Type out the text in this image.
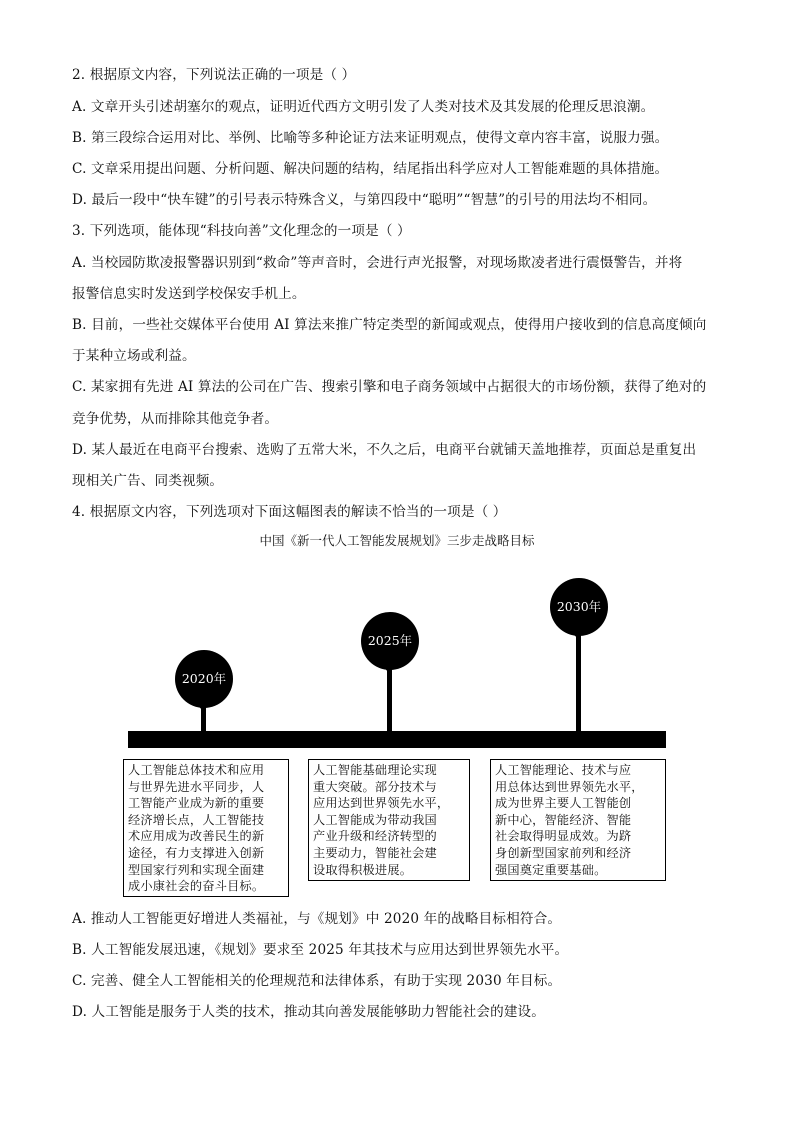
2. 根据原文内容，下列说法正确的一项是（ ）
A. 文章开头引述胡塞尔的观点，证明近代西方文明引发了人类对技术及其发展的伦理反思浪潮。
B. 第三段综合运用对比、举例、比喻等多种论证方法来证明观点，使得文章内容丰富，说服力强。
C. 文章采用提出问题、分析问题、解决问题的结构，结尾指出科学应对人工智能难题的具体措施。
D. 最后一段中“快车键”的引号表示特殊含义，与第四段中“聪明”“智慧”的引号的用法均不相同。
3. 下列选项，能体现“科技向善”文化理念的一项是（ ）
A. 当校园防欺凌报警器识别到“救命”等声音时，会进行声光报警，对现场欺凌者进行震慑警告，并将
报警信息实时发送到学校保安手机上。
B. 目前，一些社交媒体平台使用 AI 算法来推广特定类型的新闻或观点，使得用户接收到的信息高度倾向
于某种立场或利益。
C. 某家拥有先进 AI 算法的公司在广告、搜索引擎和电子商务领域中占据很大的市场份额，获得了绝对的
竞争优势，从而排除其他竞争者。
D. 某人最近在电商平台搜索、选购了五常大米，不久之后，电商平台就铺天盖地推荐，页面总是重复出
现相关广告、同类视频。
4. 根据原文内容，下列选项对下面这幅图表的解读不恰当的一项是（ ）
中国《新一代人工智能发展规划》三步走战略目标
2020年
2025年
2030年
人工智能总体技术和应用
与世界先进水平同步，人
工智能产业成为新的重要
经济增长点，人工智能技
术应用成为改善民生的新
途径，有力支撑进入创新
型国家行列和实现全面建
成小康社会的奋斗目标。
人工智能基础理论实现
重大突破。部分技术与
应用达到世界领先水平，
人工智能成为带动我国
产业升级和经济转型的
主要动力，智能社会建
设取得积极进展。
人工智能理论、技术与应
用总体达到世界领先水平，
成为世界主要人工智能创
新中心，智能经济、智能
社会取得明显成效。为跻
身创新型国家前列和经济
强国奠定重要基础。
A. 推动人工智能更好增进人类福祉，与《规划》中 2020 年的战略目标相符合。
B. 人工智能发展迅速，《规划》要求至 2025 年其技术与应用达到世界领先水平。
C. 完善、健全人工智能相关的伦理规范和法律体系，有助于实现 2030 年目标。
D. 人工智能是服务于人类的技术，推动其向善发展能够助力智能社会的建设。
